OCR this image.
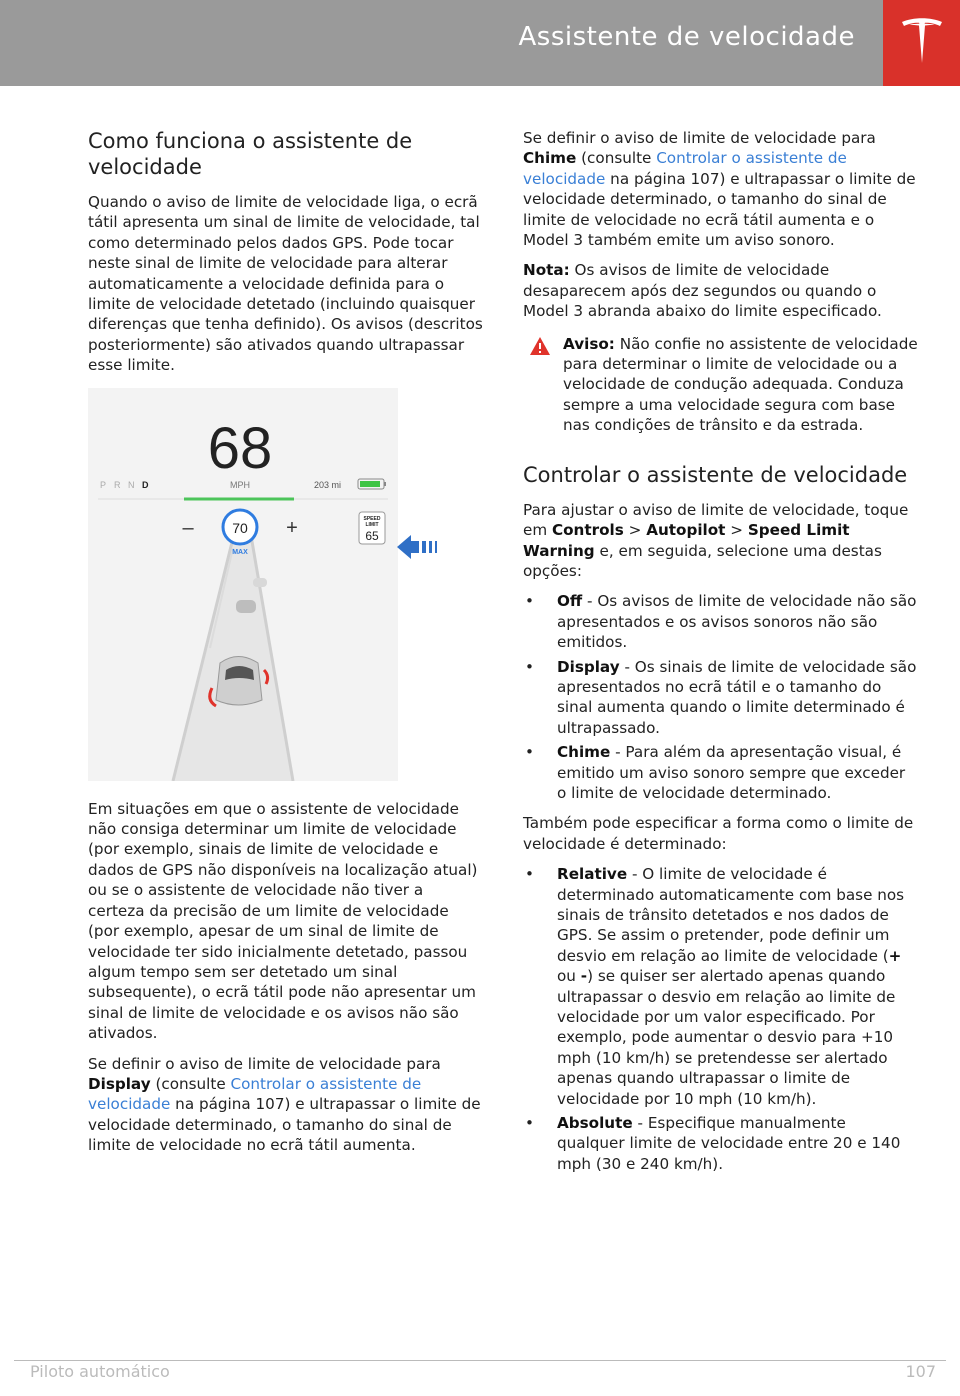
Assistente de velocidade
Como funciona o assistente de velocidade

Quando o aviso de limite de velocidade liga, o ecrã tátil apresenta um sinal de limite de velocidade, tal como determinado pelos dados GPS. Pode tocar neste sinal de limite de velocidade para alterar automaticamente a velocidade definida para o limite de velocidade detetado (incluindo quaisquer diferenças que tenha definido). Os avisos (descritos posteriormente) são ativados quando ultrapassar esse limite.

68
MPH
P R N D	203 mi
–	70
MAX
+	SPEED
LIMIT
65

Em situações em que o assistente de velocidade não consiga determinar um limite de velocidade (por exemplo, sinais de limite de velocidade e dados de GPS não disponíveis na localização atual) ou se o assistente de velocidade não tiver a certeza da precisão de um limite de velocidade (por exemplo, apesar de um sinal de limite de velocidade ter sido inicialmente detetado, passou algum tempo sem ser detetado um sinal subsequente), o ecrã tátil pode não apresentar um sinal de limite de velocidade e os avisos não são ativados.

Se definir o aviso de limite de velocidade para Display (consulte Controlar o assistente de velocidade na página 107) e ultrapassar o limite de velocidade determinado, o tamanho do sinal de limite de velocidade no ecrã tátil aumenta.

Se definir o aviso de limite de velocidade para Chime (consulte Controlar o assistente de velocidade na página 107) e ultrapassar o limite de velocidade determinado, o tamanho do sinal de limite de velocidade no ecrã tátil aumenta e o Model 3 também emite um aviso sonoro.

Nota: Os avisos de limite de velocidade desaparecem após dez segundos ou quando o Model 3 abranda abaixo do limite especificado.

Aviso: Não confie no assistente de velocidade para determinar o limite de velocidade ou a velocidade de condução adequada. Conduza sempre a uma velocidade segura com base nas condições de trânsito e da estrada.
Controlar o assistente de velocidade

Para ajustar o aviso de limite de velocidade, toque em Controls > Autopilot > Speed Limit Warning e, em seguida, selecione uma destas opções:

• Off - Os avisos de limite de velocidade não são apresentados e os avisos sonoros não são emitidos.
• Display - Os sinais de limite de velocidade são apresentados no ecrã tátil e o tamanho do sinal aumenta quando o limite determinado é ultrapassado.
• Chime - Para além da apresentação visual, é emitido um aviso sonoro sempre que exceder o limite de velocidade determinado.

Também pode especificar a forma como o limite de velocidade é determinado:

• Relative - O limite de velocidade é determinado automaticamente com base nos sinais de trânsito detetados e nos dados de GPS. Se assim o pretender, pode definir um desvio em relação ao limite de velocidade (+ ou -) se quiser ser alertado apenas quando ultrapassar o desvio em relação ao limite de velocidade por um valor especificado. Por exemplo, pode aumentar o desvio para +10 mph (10 km/h) se pretendesse ser alertado apenas quando ultrapassar o limite de velocidade por 10 mph (10 km/h).
• Absolute - Especifique manualmente qualquer limite de velocidade entre 20 e 140 mph (30 e 240 km/h).
Piloto automático	107
